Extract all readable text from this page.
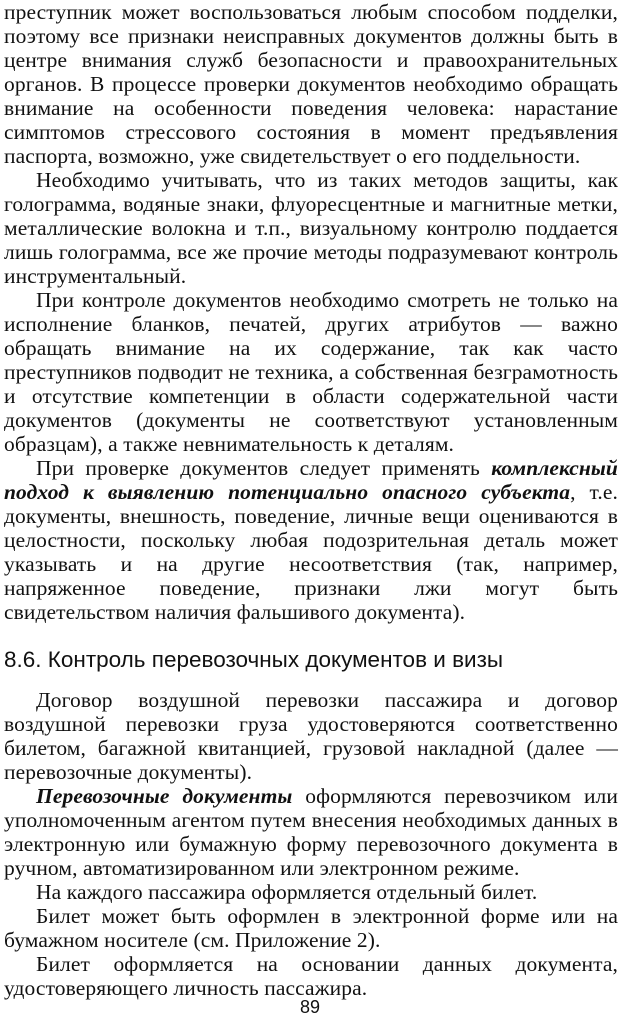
преступник может воспользоваться любым способом подделки, поэтому все признаки неисправных документов должны быть в центре внимания служб безопасности и правоохранительных органов. В процессе проверки документов необходимо обращать внимание на особенности поведения человека: нарастание симптомов стрессового состояния в момент предъявления паспорта, возможно, уже свидетельствует о его поддельности.

Необходимо учитывать, что из таких методов защиты, как голограмма, водяные знаки, флуоресцентные и магнитные метки, металлические волокна и т.п., визуальному контролю поддается лишь голограмма, все же прочие методы подразумевают контроль инструментальный.

При контроле документов необходимо смотреть не только на исполнение бланков, печатей, других атрибутов — важно обращать внимание на их содержание, так как часто преступников подводит не техника, а собственная безграмотность и отсутствие компетенции в области содержательной части документов (документы не соответствуют установленным образцам), а также невнимательность к деталям.

При проверке документов следует применять комплексный подход к выявлению потенциально опасного субъекта, т.е. документы, внешность, поведение, личные вещи оцениваются в целостности, поскольку любая подозрительная деталь может указывать и на другие несоответствия (так, например, напряженное поведение, признаки лжи могут быть свидетельством наличия фальшивого документа).

8.6. Контроль перевозочных документов и визы

Договор воздушной перевозки пассажира и договор воздушной перевозки груза удостоверяются соответственно билетом, багажной квитанцией, грузовой накладной (далее — перевозочные документы).

Перевозочные документы оформляются перевозчиком или уполномоченным агентом путем внесения необходимых данных в электронную или бумажную форму перевозочного документа в ручном, автоматизированном или электронном режиме.

На каждого пассажира оформляется отдельный билет.

Билет может быть оформлен в электронной форме или на бумажном носителе (см. Приложение 2).

Билет оформляется на основании данных документа, удостоверяющего личность пассажира.

89
